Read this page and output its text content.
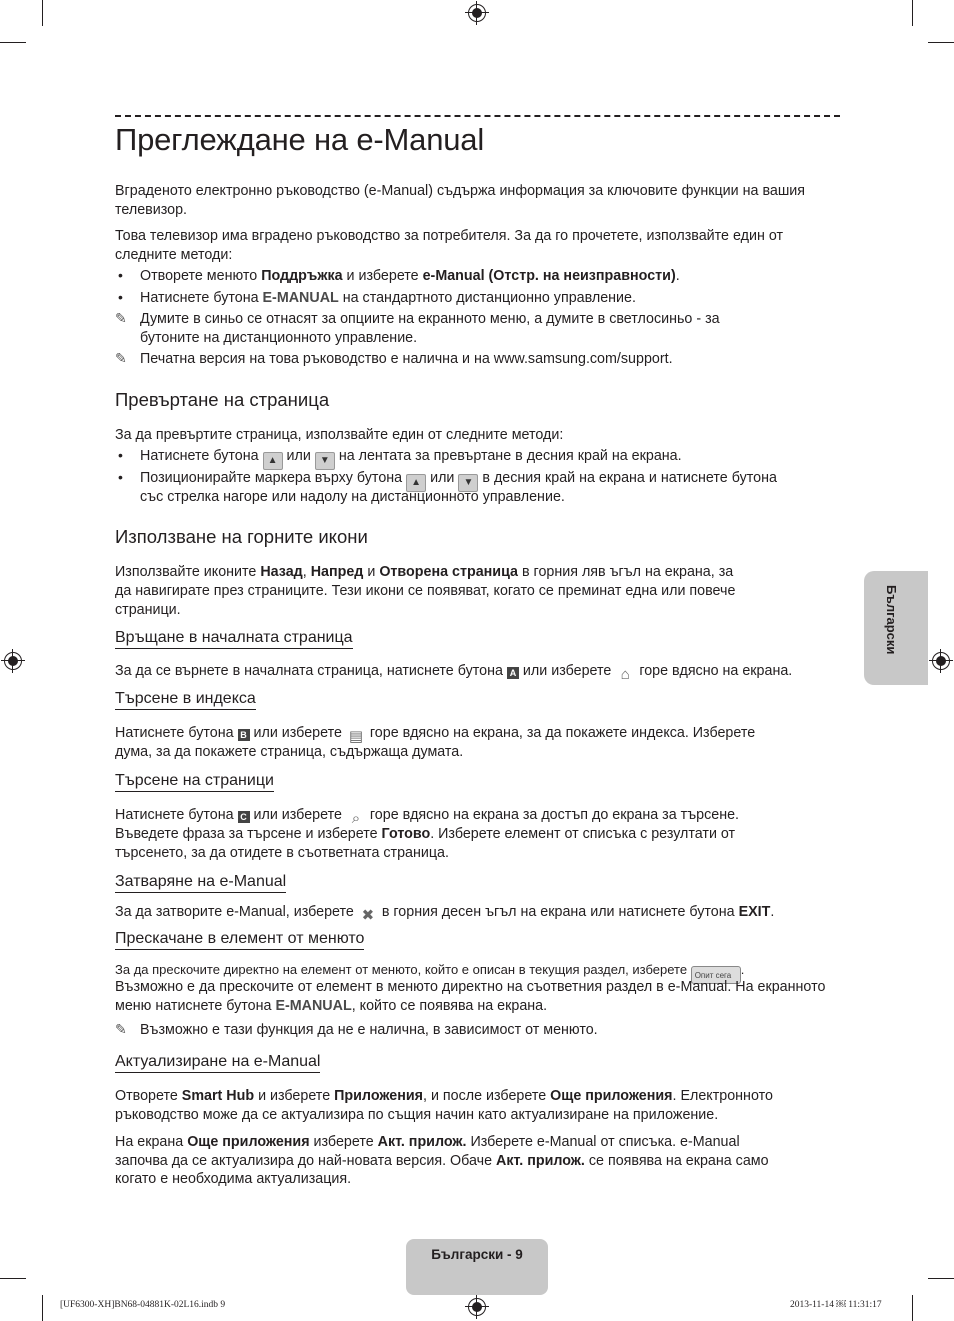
Преглеждане на e-Manual
Вграденото електронно ръководство (e-Manual) съдържа информация за ключовите функции на вашия телевизор.
Това телевизор има вградено ръководство за потребителя. За да го прочетете, използвайте един от следните методи:
• Отворете менюто Поддръжка и изберете e-Manual (Отстр. на неизправности).
• Натиснете бутона E-MANUAL на стандартното дистанционно управление.
✎ Думите в синьо се отнасят за опциите на екранното меню, а думите в светлосиньо - за
бутоните на дистанционното управление.
✎ Печатна версия на това ръководство е налична и на www.samsung.com/support.
Превъртане на страница
За да превъртите страница, използвайте един от следните методи:
• Натиснете бутона ▲ или ▼ на лентата за превъртане в десния край на екрана.
• Позиционирайте маркера върху бутона ▲ или ▼ в десния край на екрана и натиснете бутона
със стрелка нагоре или надолу на дистанционното управление.
Използване на горните икони
Използвайте иконите Назад, Напред и Отворена страница в горния ляв ъгъл на екрана, за
да навигирате през страниците. Тези икони се появяват, когато се преминат една или повече
страници.
Връщане в началната страница
За да се върнете в началната страница, натиснете бутона A или изберете ⌂ горе вдясно на екрана.
Търсене в индекса
Натиснете бутона B или изберете ▤ горе вдясно на екрана, за да покажете индекса. Изберете
дума, за да покажете страница, съдържаща думата.
Търсене на страници
Натиснете бутона C или изберете ⌕ горе вдясно на екрана за достъп до екрана за търсене.
Въведете фраза за търсене и изберете Готово. Изберете елемент от списъка с резултати от
търсенето, за да отидете в съответната страница.
Затваряне на e-Manual
За да затворите e-Manual, изберете ✖ в горния десен ъгъл на екрана или натиснете бутона EXIT.
Прескачане в елемент от менюто
За да прескочите директно на елемент от менюто, който е описан в текущия раздел, изберете Опит сега .
Възможно е да прескочите от елемент в менюто директно на съответния раздел в e-Manual. На екранното
меню натиснете бутона E-MANUAL, който се появява на екрана.
✎ Възможно е тази функция да не е налична, в зависимост от менюто.
Актуализиране на e-Manual
Отворете Smart Hub и изберете Приложения, и после изберете Още приложения. Електронното
ръководство може да се актуализира по същия начин като актуализиране на приложение.
На екрана Още приложения изберете Акт. прилож. Изберете e-Manual от списъка. e-Manual
започва да се актуализира до най-новата версия. Обаче Акт. прилож. се появява на екрана само
когато е необходима актуализация.
Български
Български - 9
[UF6300-XH]BN68-04881K-02L16.indb 9	2013-11-14 ￼ 11:31:17
